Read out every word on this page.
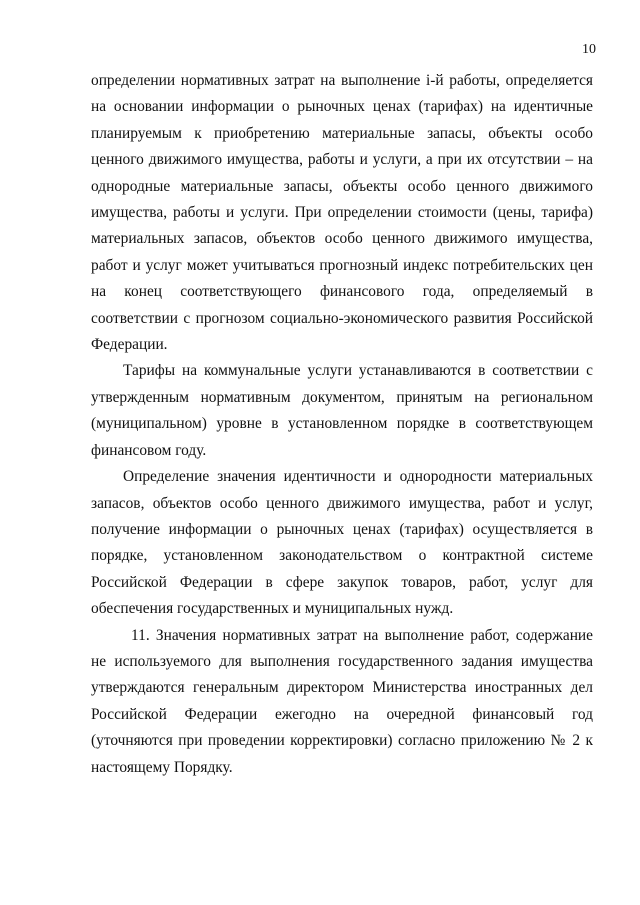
10

определении нормативных затрат на выполнение i-й работы, определяется на основании информации о рыночных ценах (тарифах) на идентичные планируемым к приобретению материальные запасы, объекты особо ценного движимого имущества, работы и услуги, а при их отсутствии – на однородные материальные запасы, объекты особо ценного движимого имущества, работы и услуги. При определении стоимости (цены, тарифа) материальных запасов, объектов особо ценного движимого имущества, работ и услуг может учитываться прогнозный индекс потребительских цен на конец соответствующего финансового года, определяемый в соответствии с прогнозом социально-экономического развития Российской Федерации.

Тарифы на коммунальные услуги устанавливаются в соответствии с утвержденным нормативным документом, принятым на региональном (муниципальном) уровне в установленном порядке в соответствующем финансовом году.

Определение значения идентичности и однородности материальных запасов, объектов особо ценного движимого имущества, работ и услуг, получение информации о рыночных ценах (тарифах) осуществляется в порядке, установленном законодательством о контрактной системе Российской Федерации в сфере закупок товаров, работ, услуг для обеспечения государственных и муниципальных нужд.

11. Значения нормативных затрат на выполнение работ, содержание не используемого для выполнения государственного задания имущества утверждаются генеральным директором Министерства иностранных дел Российской Федерации ежегодно на очередной финансовый год (уточняются при проведении корректировки) согласно приложению № 2 к настоящему Порядку.
